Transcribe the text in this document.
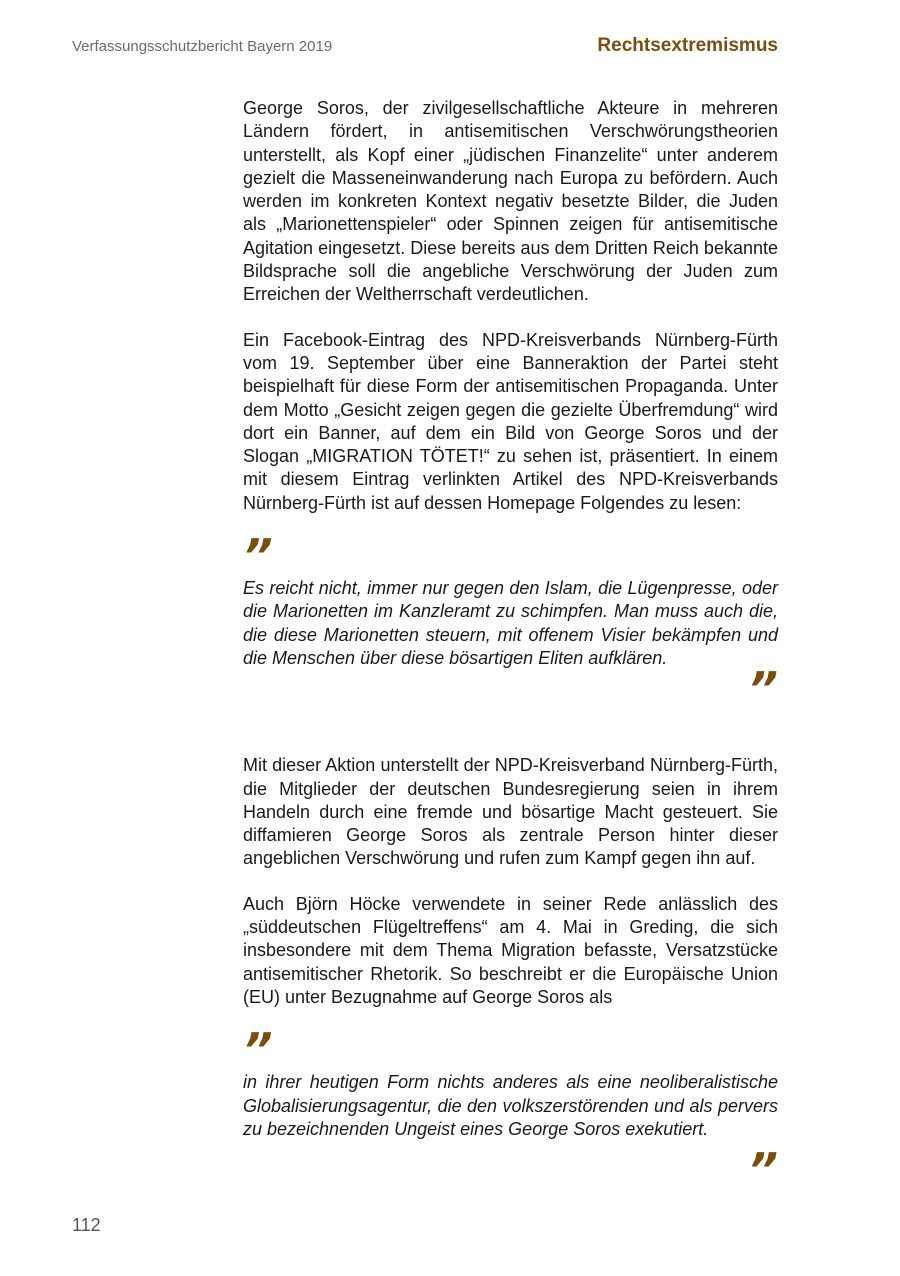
Verfassungsschutzbericht Bayern 2019	Rechtsextremismus

George Soros, der zivilgesellschaftliche Akteure in mehreren Ländern fördert, in antisemitischen Verschwörungstheorien unterstellt, als Kopf einer „jüdischen Finanzelite“ unter anderem gezielt die Masseneinwanderung nach Europa zu befördern. Auch werden im konkreten Kontext negativ besetzte Bilder, die Juden als „Marionettenspieler“ oder Spinnen zeigen für antisemitische Agitation eingesetzt. Diese bereits aus dem Dritten Reich bekannte Bildsprache soll die angebliche Verschwörung der Juden zum Erreichen der Weltherrschaft verdeutlichen.

Ein Facebook-Eintrag des NPD-Kreisverbands Nürnberg-Fürth vom 19. September über eine Banneraktion der Partei steht beispielhaft für diese Form der antisemitischen Propaganda. Unter dem Motto „Gesicht zeigen gegen die gezielte Überfremdung“ wird dort ein Banner, auf dem ein Bild von George Soros und der Slogan „MIGRATION TÖTET!“ zu sehen ist, präsentiert. In einem mit diesem Eintrag verlinkten Artikel des NPD-Kreisverbands Nürnberg-Fürth ist auf dessen Homepage Folgendes zu lesen:

”

Es reicht nicht, immer nur gegen den Islam, die Lügenpresse, oder die Marionetten im Kanzleramt zu schimpfen. Man muss auch die, die diese Marionetten steuern, mit offenem Visier bekämpfen und die Menschen über diese bösartigen Eliten aufklären.

”

Mit dieser Aktion unterstellt der NPD-Kreisverband Nürnberg-Fürth, die Mitglieder der deutschen Bundesregierung seien in ihrem Handeln durch eine fremde und bösartige Macht gesteuert. Sie diffamieren George Soros als zentrale Person hinter dieser angeblichen Verschwörung und rufen zum Kampf gegen ihn auf.

Auch Björn Höcke verwendete in seiner Rede anlässlich des „süddeutschen Flügeltreffens“ am 4. Mai in Greding, die sich insbesondere mit dem Thema Migration befasste, Versatzstücke antisemitischer Rhetorik. So beschreibt er die Europäische Union (EU) unter Bezugnahme auf George Soros als

”

in ihrer heutigen Form nichts anderes als eine neoliberalistische Globalisierungsagentur, die den volkszerstörenden und als pervers zu bezeichnenden Ungeist eines George Soros exekutiert.

”
112
